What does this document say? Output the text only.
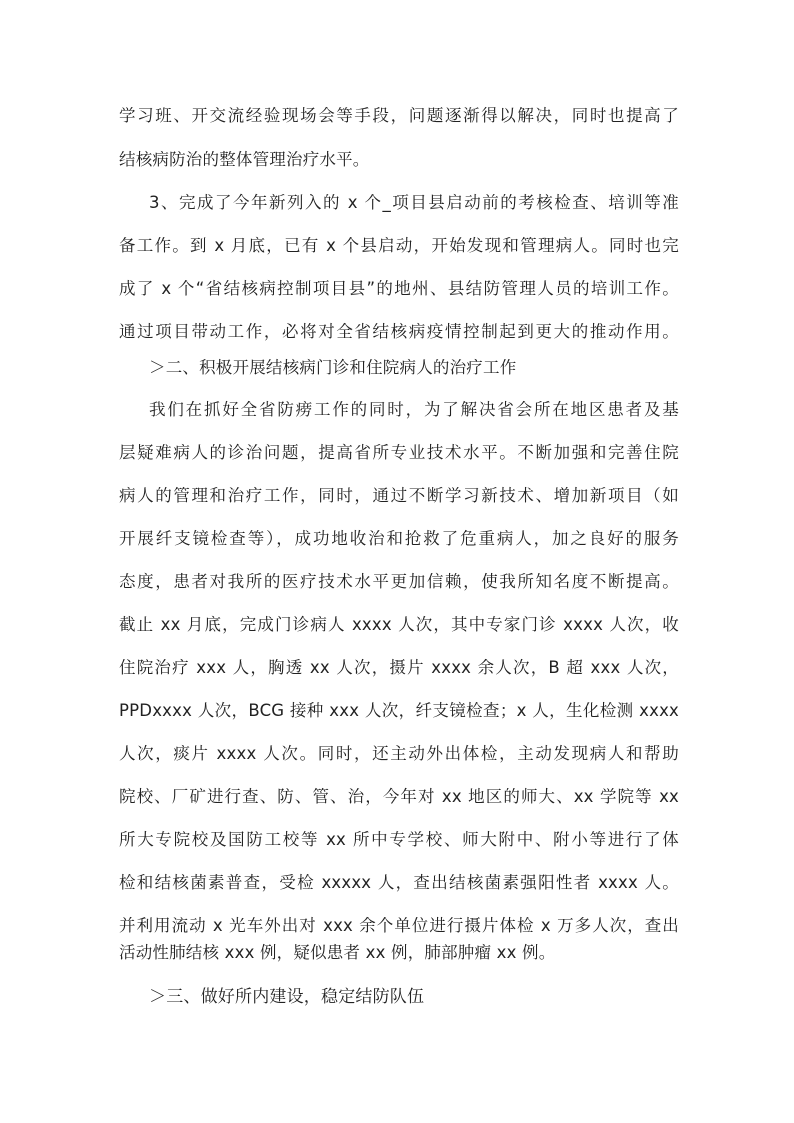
学习班、开交流经验现场会等手段，问题逐渐得以解决，同时也提高了
结核病防治的整体管理治疗水平。
3、完成了今年新列入的 x 个_项目县启动前的考核检查、培训等准
备工作。到 x 月底，已有 x 个县启动，开始发现和管理病人。同时也完
成了 x 个“省结核病控制项目县”的地州、县结防管理人员的培训工作。
通过项目带动工作，必将对全省结核病疫情控制起到更大的推动作用。
＞二、积极开展结核病门诊和住院病人的治疗工作
我们在抓好全省防痨工作的同时，为了解决省会所在地区患者及基
层疑难病人的诊治问题，提高省所专业技术水平。不断加强和完善住院
病人的管理和治疗工作，同时，通过不断学习新技术、增加新项目（如
开展纤支镜检查等），成功地收治和抢救了危重病人，加之良好的服务
态度，患者对我所的医疗技术水平更加信赖，使我所知名度不断提高。
截止 xx 月底，完成门诊病人 xxxx 人次，其中专家门诊 xxxx 人次，收
住院治疗 xxx 人，胸透 xx 人次，摄片 xxxx 余人次，B 超 xxx 人次，
PPDxxxx 人次，BCG 接种 xxx 人次，纤支镜检查；x 人，生化检测 xxxx
人次，痰片 xxxx 人次。同时，还主动外出体检，主动发现病人和帮助
院校、厂矿进行查、防、管、治，今年对 xx 地区的师大、xx 学院等 xx
所大专院校及国防工校等 xx 所中专学校、师大附中、附小等进行了体
检和结核菌素普查，受检 xxxxx 人，查出结核菌素强阳性者 xxxx 人。
并利用流动 x 光车外出对 xxx 余个单位进行摄片体检 x 万多人次，查出
活动性肺结核 xxx 例，疑似患者 xx 例，肺部肿瘤 xx 例。
＞三、做好所内建设，稳定结防队伍
